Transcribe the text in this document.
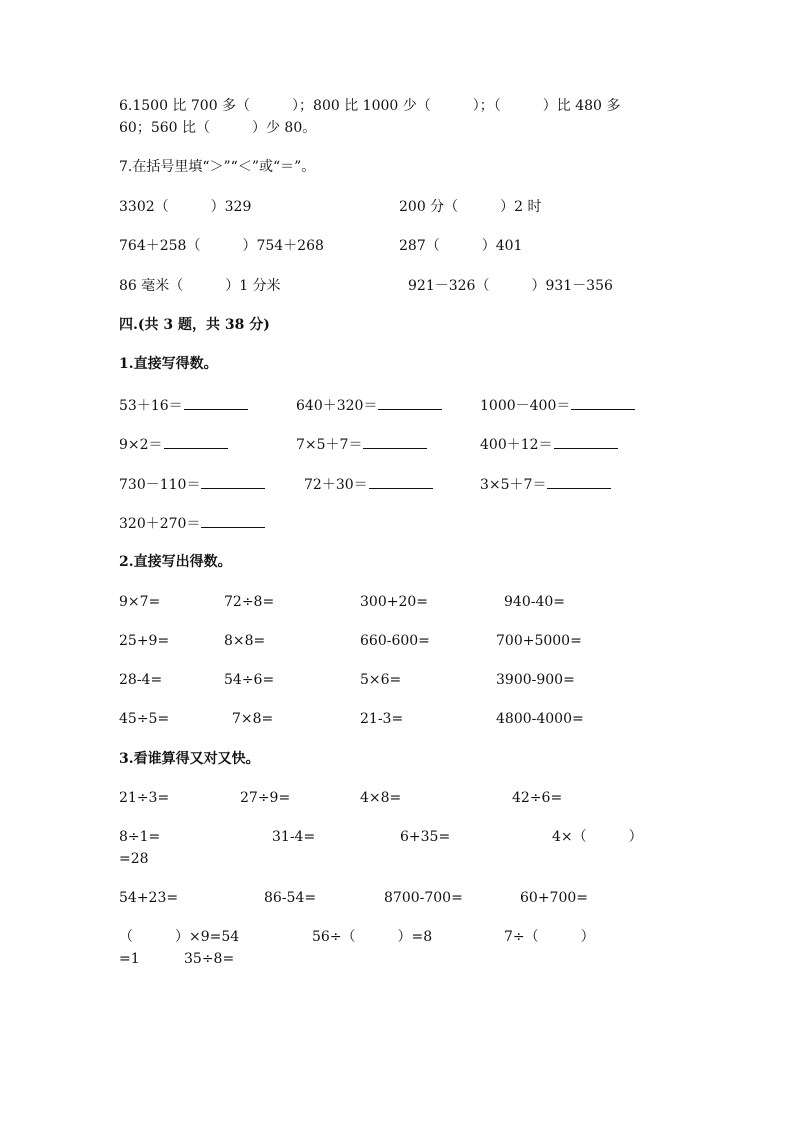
6.1500 比 700 多（　　　）；800 比 1000 少（　　　）；（　　　）比 480 多
60；560 比（　　　）少 80。
7.在括号里填“＞”“＜”或“＝”。
3302（　　　）329	200 分（　　　）2 时
764＋258（　　　）754＋268	287（　　　）401
86 毫米（　　　）1 分米	921－326（　　　）931－356
四.(共 3 题，共 38 分)
1.直接写得数。
53＋16＝	640＋320＝	1000－400＝
9×2＝	7×5＋7＝	400＋12＝
730－110＝	72＋30＝	3×5＋7＝
320＋270＝
2.直接写出得数。
9×7=	72÷8=	300+20=	940-40=
25+9=	8×8=	660-600=	700+5000=
28-4=	54÷6=	5×6=	3900-900=
45÷5=	7×8=	21-3=	4800-4000=
3.看谁算得又对又快。
21÷3=	27÷9=	4×8=	42÷6=
8÷1=	31-4=	6+35=	4×（　　　）
=28
54+23=	86-54=	8700-700=	60+700=
（　　　）×9=54	56÷（　　　）=8	7÷（　　　）
=1	35÷8=
